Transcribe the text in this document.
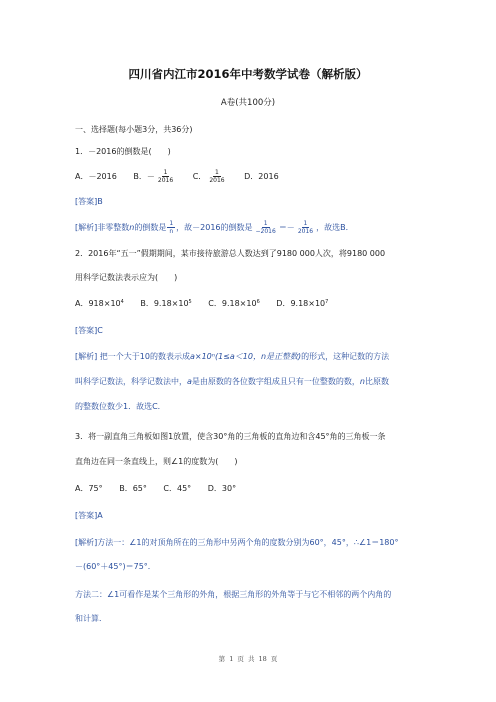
四川省内江市2016年中考数学试卷（解析版）
A卷(共100分)
一、选择题(每小题3分，共36分)
1．－2016的倒数是(　　)
A．－2016 B．－ $\frac{1}{2016}$ C． $\frac{1}{2016}$ D．2016
[答案]B
[解析]非零整数n的倒数是 $\frac{1}{n}$ ，故－2016的倒数是 $\frac{1}{-2016} =- \frac{1}{2016}$ ，故选B．
2．2016年“五一”假期期间，某市接待旅游总人数达到了9180 000人次，将9180 000
用科学记数法表示应为(　　)
A．$918\times 10^4$ B．$9.18\times 10^5$ C．$9.18\times 10^6$ D．$9.18\times 10^7$
[答案]C
[解析] 把一个大于10的数表示成a×10ⁿ(1≤a＜10，n是正整数)的形式，这种记数的方法
叫科学记数法，科学记数法中，a是由原数的各位数字组成且只有一位整数的数，n比原数
的整数位数少1．故选C．
3．将一副直角三角板如图1放置，使含30°角的三角板的直角边和含45°角的三角板一条
直角边在同一条直线上，则∠1的度数为(　　)
A．75° B．65° C．45° D．30°
[答案]A
[解析]方法一：∠1的对顶角所在的三角形中另两个角的度数分别为60°，45°，∴∠1＝180°
－(60°＋45°)＝75°．
方法二：∠1可看作是某个三角形的外角，根据三角形的外角等于与它不相邻的两个内角的
和计算．
第 1 页 共 18 页
